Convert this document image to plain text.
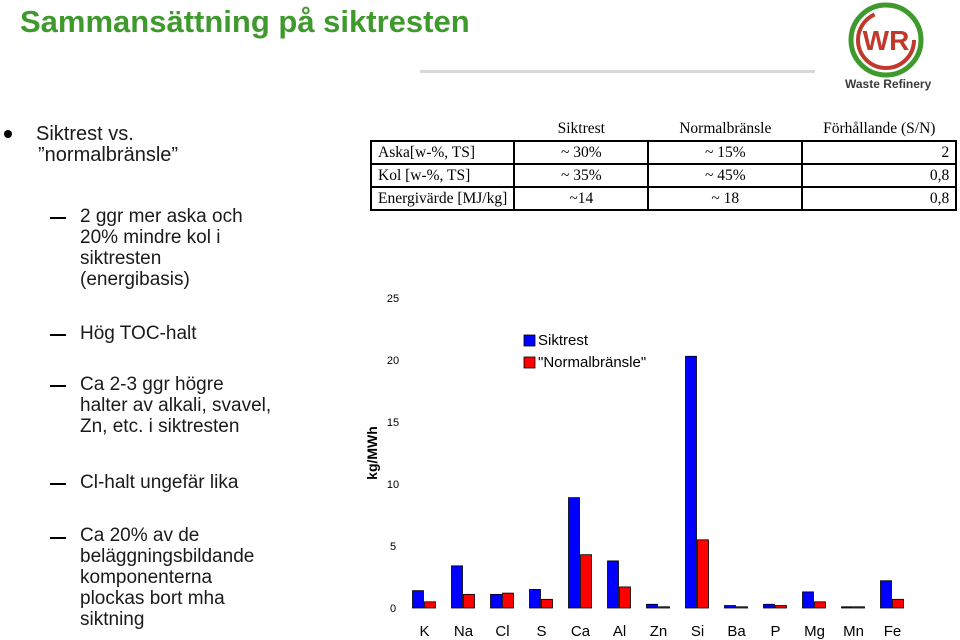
Sammansättning på siktresten
WR
Waste Refinery
Siktrest vs.
”normalbränsle”
2 ggr mer aska och
20% mindre kol i
siktresten
(energibasis)
Hög TOC-halt
Ca 2-3 ggr högre
halter av alkali, svavel,
Zn, etc. i siktresten
Cl-halt ungefär lika
Ca 20% av de
beläggningsbildande
komponenterna
plockas bort mha
siktning
	Siktrest	Normalbränsle	Förhållande (S/N)
Aska[w-%, TS]	~ 30%	~ 15%	2
Kol [w-%, TS]	~ 35%	~ 45%	0,8
Energivärde [MJ/kg]	~14	~ 18	0,8
0
5
10
15
20
25
kg/MWh
K Na Cl S Ca Al Zn Si Ba P Mg Mn Fe
Siktrest
"Normalbränsle"
